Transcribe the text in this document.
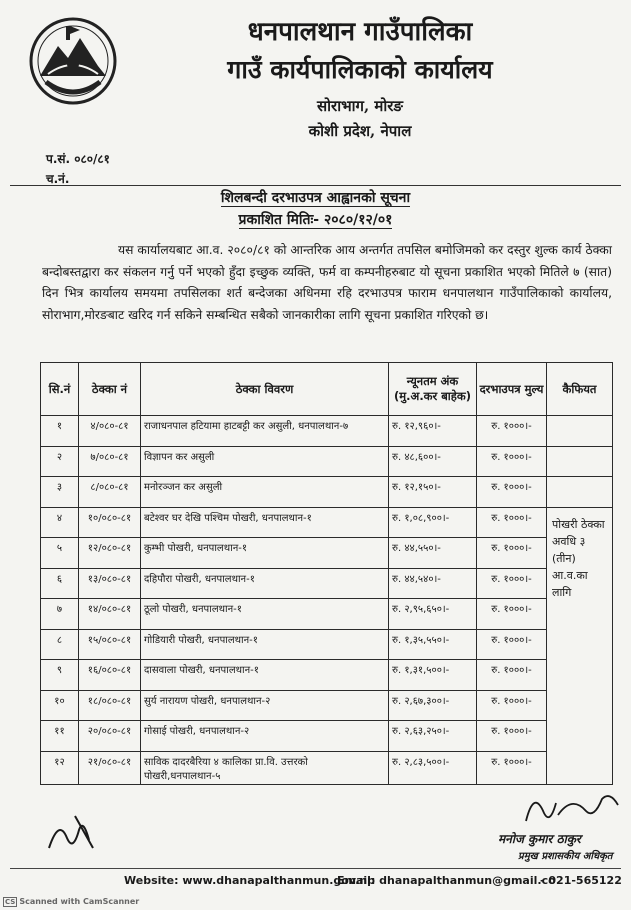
धनपालथान गाउँपालिका
गाउँ कार्यपालिकाको कार्यालय
सोराभाग, मोरङ
कोशी प्रदेश, नेपाल
प.सं. ०८०/८१
च.नं.
शिलबन्दी दरभाउपत्र आह्वानको सूचना
प्रकाशित मितिः- २०८०/१२/०१
यस कार्यालयबाट आ.व. २०८०/८१ को आन्तरिक आय अन्तर्गत तपसिल बमोजिमको कर दस्तुर शुल्क कार्य ठेक्का बन्दोबस्तद्वारा कर संकलन गर्नु पर्ने भएको हुँदा इच्छुक व्यक्ति, फर्म वा कम्पनीहरुबाट यो सूचना प्रकाशित भएको मितिले ७ (सात) दिन भित्र कार्यालय समयमा तपसिलका शर्त बन्देजका अधिनमा रहि दरभाउपत्र फाराम धनपालथान गाउँपालिकाको कार्यालय, सोराभाग,मोरङबाट खरिद गर्न सकिने सम्बन्धित सबैको जानकारीका लागि सूचना प्रकाशित गरिएको छ।
सि.नं	ठेक्का नं	ठेक्का विवरण	न्यूनतम अंक (मु.अ.कर बाहेक)	दरभाउपत्र मुल्य	कैफियत
१	४/०८०-८१	राजाधनपाल हटियामा हाटबट्टी कर असुली, धनपालथान-७	रु. १२,९६०।-	रु. १०००।-	
२	७/०८०-८१	विज्ञापन कर असुली	रु. ४८,६००।-	रु. १०००।-	
३	८/०८०-८१	मनोरञ्जन कर असुली	रु. १२,१५०।-	रु. १०००।-	
४	१०/०८०-८१	बटेश्वर घर देखि पश्चिम पोखरी, धनपालथान-१	रु. १,०८,९००।-	रु. १०००।-	पोखरी ठेक्का अवधि ३ (तीन) आ.व.का लागि
५	१२/०८०-८१	कुम्भी पोखरी, धनपालथान-१	रु. ४४,५५०।-	रु. १०००।-	
६	१३/०८०-८१	दहिपौरा पोखरी, धनपालथान-१	रु. ४४,५४०।-	रु. १०००।-	
७	१४/०८०-८१	ठूलो पोखरी, धनपालथान-१	रु. २,९५,६५०।-	रु. १०००।-	
८	१५/०८०-८१	गोडियारी पोखरी, धनपालथान-१	रु. १,३५,५५०।-	रु. १०००।-	
९	१६/०८०-८१	दासवाला पोखरी, धनपालथान-१	रु. १,३१,५००।-	रु. १०००।-	
१०	१८/०८०-८१	सुर्य नारायण पोखरी, धनपालथान-२	रु. २,६७,३००।-	रु. १०००।-	
११	२०/०८०-८१	गोसाई पोखरी, धनपालथान-२	रु. २,६३,२५०।-	रु. १०००।-	
१२	२१/०८०-८१	साविक दादरबैरिया ४ कालिका प्रा.वि. उत्तरको पोखरी,धनपालथान-५	रु. २,८३,५००।-	रु. १०००।-	
मनोज कुमार ठाकुर
प्रमुख प्रशासकीय अधिकृत
Website: www.dhanapalthanmun.gov.np
Email: dhanapalthanmun@gmail.co
- 021-565122
CS Scanned with CamScanner
